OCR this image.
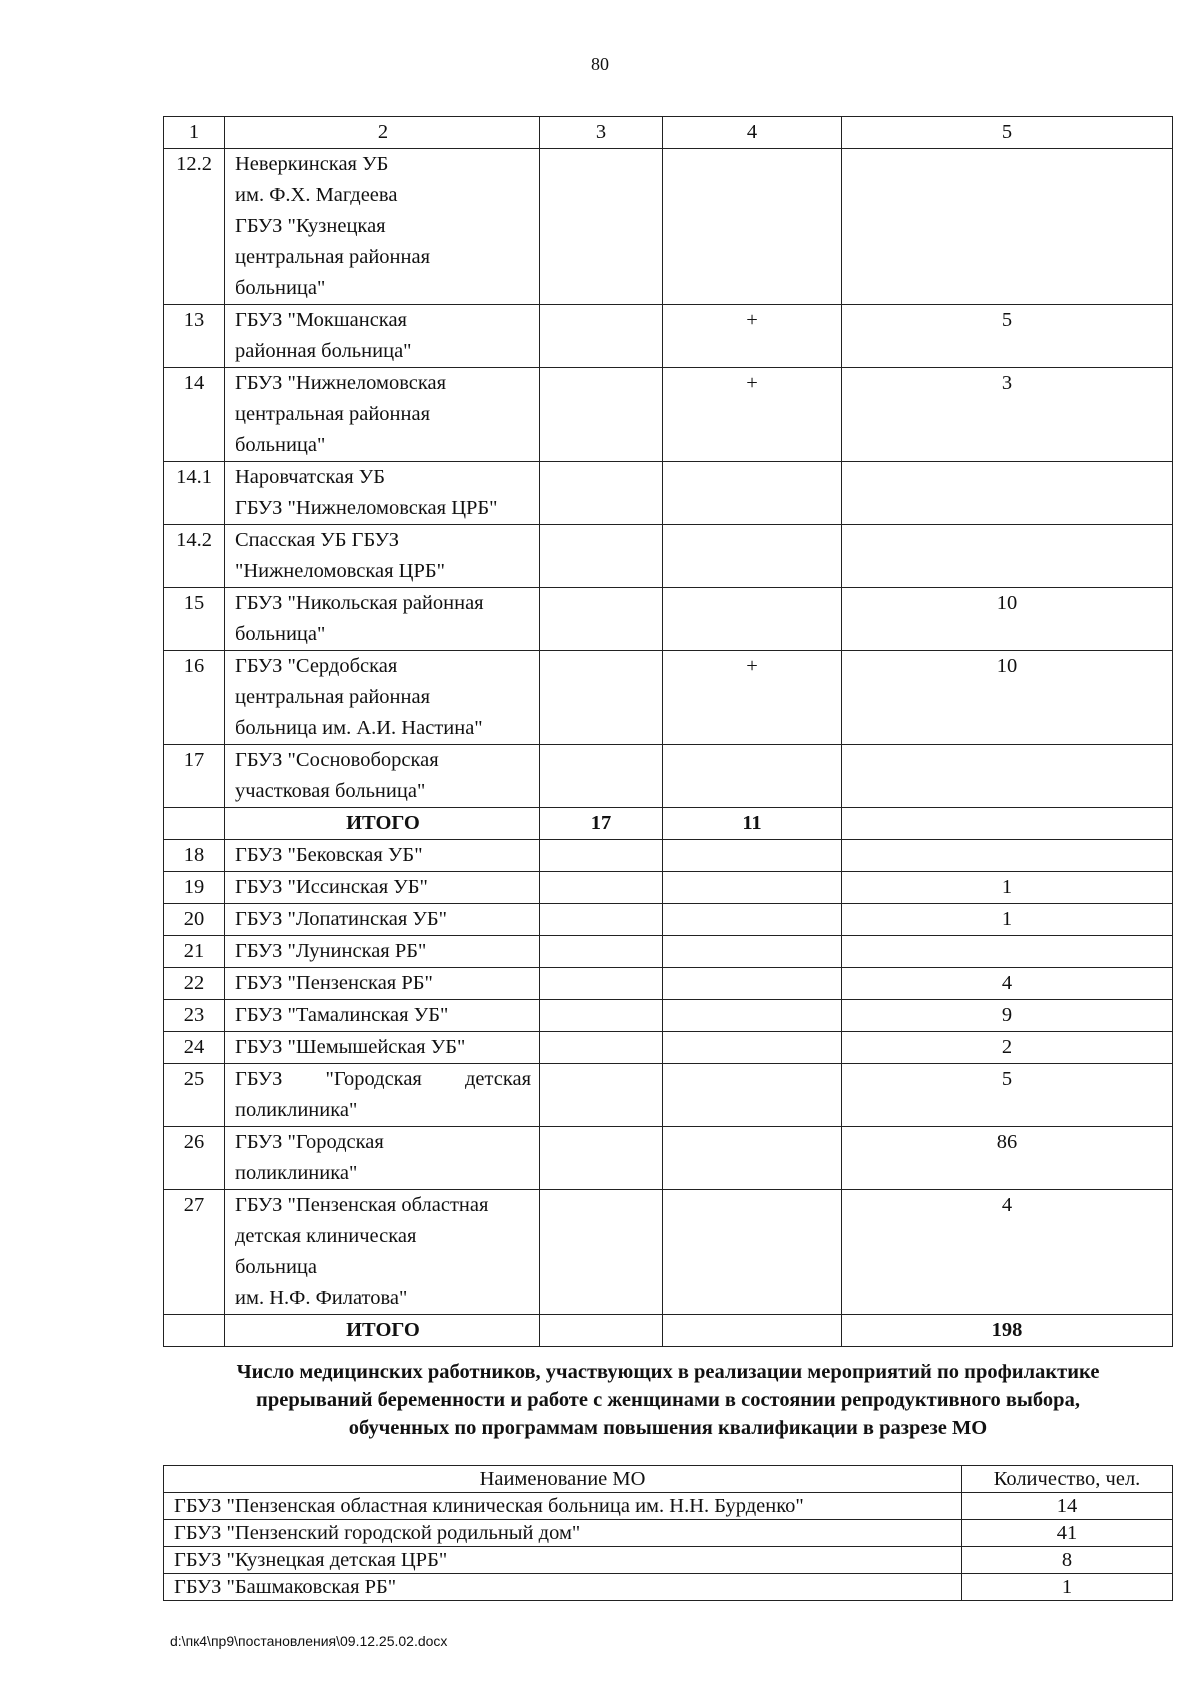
80
1	2	3	4	5
12.2	Неверкинская УБ
им. Ф.Х. Магдеева
ГБУЗ "Кузнецкая
центральная районная
больница"			

13	ГБУЗ "Мокшанская
районная больница"		+	5
14	ГБУЗ "Нижнеломовская
центральная районная
больница"		+	3
14.1	Наровчатская УБ
ГБУЗ "Нижнеломовская ЦРБ"			

14.2	Спасская УБ ГБУЗ
"Нижнеломовская ЦРБ"			

15	ГБУЗ "Никольская районная
больница"			10
16	ГБУЗ "Сердобская
центральная районная
больница им. А.И. Настина"		+	10
17	ГБУЗ "Сосновоборская
участковая больница"			

	ИТОГО	17	11	
18	ГБУЗ "Бековская УБ"			

19	ГБУЗ "Иссинская УБ"			1
20	ГБУЗ "Лопатинская УБ"			1
21	ГБУЗ "Лунинская РБ"			

22	ГБУЗ "Пензенская РБ"			4
23	ГБУЗ "Тамалинская УБ"			9
24	ГБУЗ "Шемышейская УБ"			2
25	ГБУЗ "Городская детская поликлиника"			5
26	ГБУЗ "Городская
поликлиника"			86
27	ГБУЗ "Пензенская областная
детская клиническая
больница
им. Н.Ф. Филатова"			4

	ИТОГО			198
Число медицинских работников, участвующих в реализации мероприятий по профилактике
прерываний беременности и работе с женщинами в состоянии репродуктивного выбора,
обученных по программам повышения квалификации в разрезе МО
Наименование МО	Количество, чел.
ГБУЗ "Пензенская областная клиническая больница им. Н.Н. Бурденко"	14
ГБУЗ "Пензенский городской родильный дом"	41
ГБУЗ "Кузнецкая детская ЦРБ"	8
ГБУЗ "Башмаковская РБ"	1
d:\пк4\пр9\постановления\09.12.25.02.docx
